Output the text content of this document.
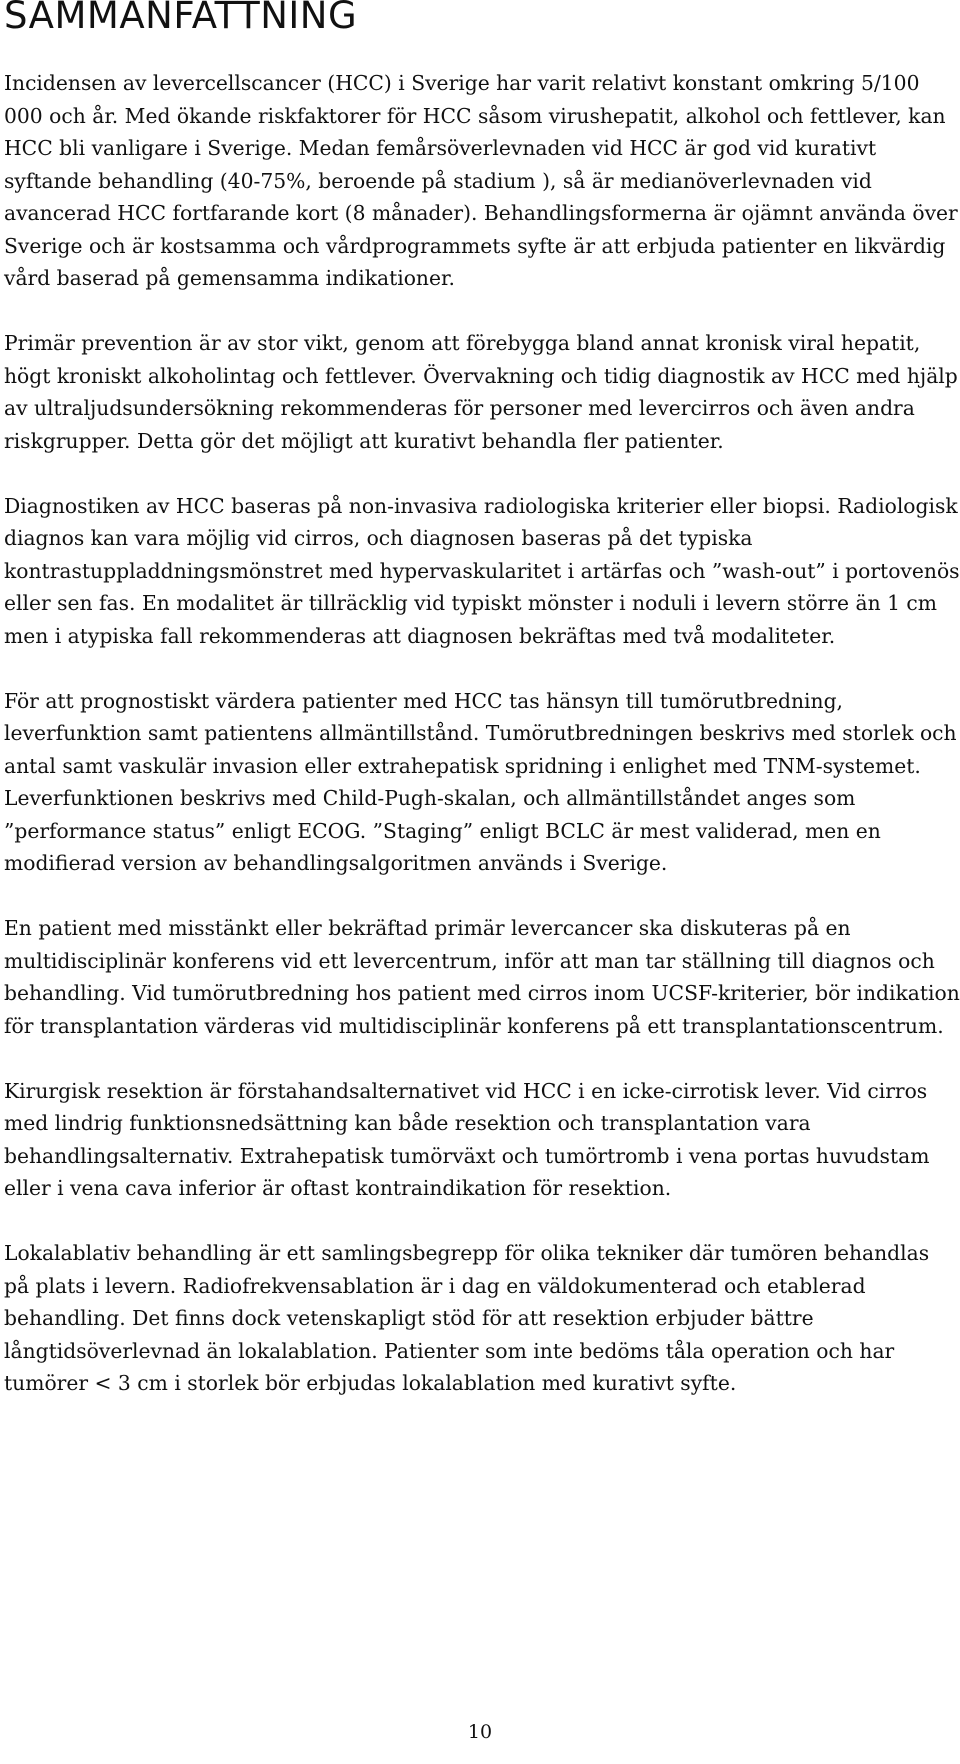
SAMMANFATTNING

Incidensen av levercellscancer (HCC) i Sverige har varit relativt konstant omkring 5/100 000 och år. Med ökande riskfaktorer för HCC såsom virushepatit, alkohol och fettlever, kan HCC bli vanligare i Sverige. Medan femårsöverlevnaden vid HCC är god vid kurativt syftande behandling (40-75%, beroende på stadium ), så är medianöverlevnaden vid avancerad HCC fortfarande kort (8 månader). Behandlingsformerna är ojämnt använda över Sverige och är kostsamma och vårdprogrammets syfte är att erbjuda patienter en likvärdig vård baserad på gemensamma indikationer.

Primär prevention är av stor vikt, genom att förebygga bland annat kronisk viral hepatit, högt kroniskt alkoholintag och fettlever. Övervakning och tidig diagnostik av HCC med hjälp av ultraljudsundersökning rekommenderas för personer med levercirros och även andra riskgrupper. Detta gör det möjligt att kurativt behandla fler patienter.

Diagnostiken av HCC baseras på non-invasiva radiologiska kriterier eller biopsi. Radiologisk diagnos kan vara möjlig vid cirros, och diagnosen baseras på det typiska kontrastuppladdningsmönstret med hypervaskularitet i artärfas och ”wash-out” i portovenös eller sen fas. En modalitet är tillräcklig vid typiskt mönster i noduli i levern större än 1 cm men i atypiska fall rekommenderas att diagnosen bekräftas med två modaliteter.

För att prognostiskt värdera patienter med HCC tas hänsyn till tumörutbredning, leverfunktion samt patientens allmäntillstånd. Tumörutbredningen beskrivs med storlek och antal samt vaskulär invasion eller extrahepatisk spridning i enlighet med TNM-systemet. Leverfunktionen beskrivs med Child-Pugh-skalan, och allmäntillståndet anges som ”performance status” enligt ECOG. ”Staging” enligt BCLC är mest validerad, men en modifierad version av behandlingsalgoritmen används i Sverige.

En patient med misstänkt eller bekräftad primär levercancer ska diskuteras på en multidisciplinär konferens vid ett levercentrum, inför att man tar ställning till diagnos och behandling. Vid tumörutbredning hos patient med cirros inom UCSF-kriterier, bör indikation för transplantation värderas vid multidisciplinär konferens på ett transplantationscentrum.

Kirurgisk resektion är förstahandsalternativet vid HCC i en icke-cirrotisk lever. Vid cirros med lindrig funktionsnedsättning kan både resektion och transplantation vara behandlingsalternativ. Extrahepatisk tumörväxt och tumörtromb i vena portas huvudstam eller i vena cava inferior är oftast kontraindikation för resektion.

Lokalablativ behandling är ett samlingsbegrepp för olika tekniker där tumören behandlas på plats i levern. Radiofrekvensablation är i dag en väldokumenterad och etablerad behandling. Det finns dock vetenskapligt stöd för att resektion erbjuder bättre långtidsöverlevnad än lokalablation. Patienter som inte bedöms tåla operation och har tumörer < 3 cm i storlek bör erbjudas lokalablation med kurativt syfte.

10
